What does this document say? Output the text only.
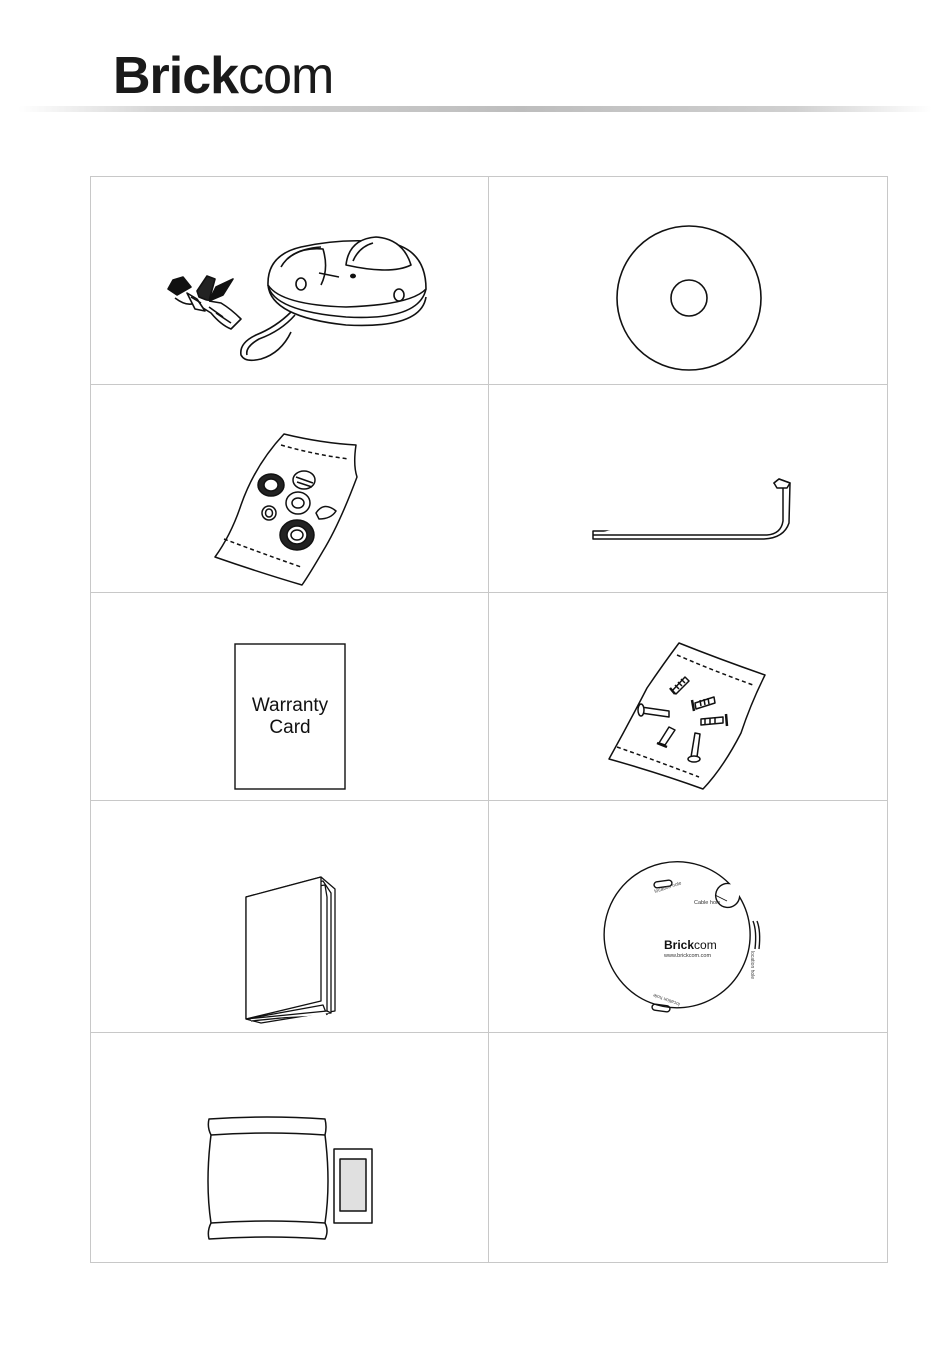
Brickcom
Warranty
Card
Cable hole
location hole
location hole
location hole
Brickcom
www.brickcom.com
